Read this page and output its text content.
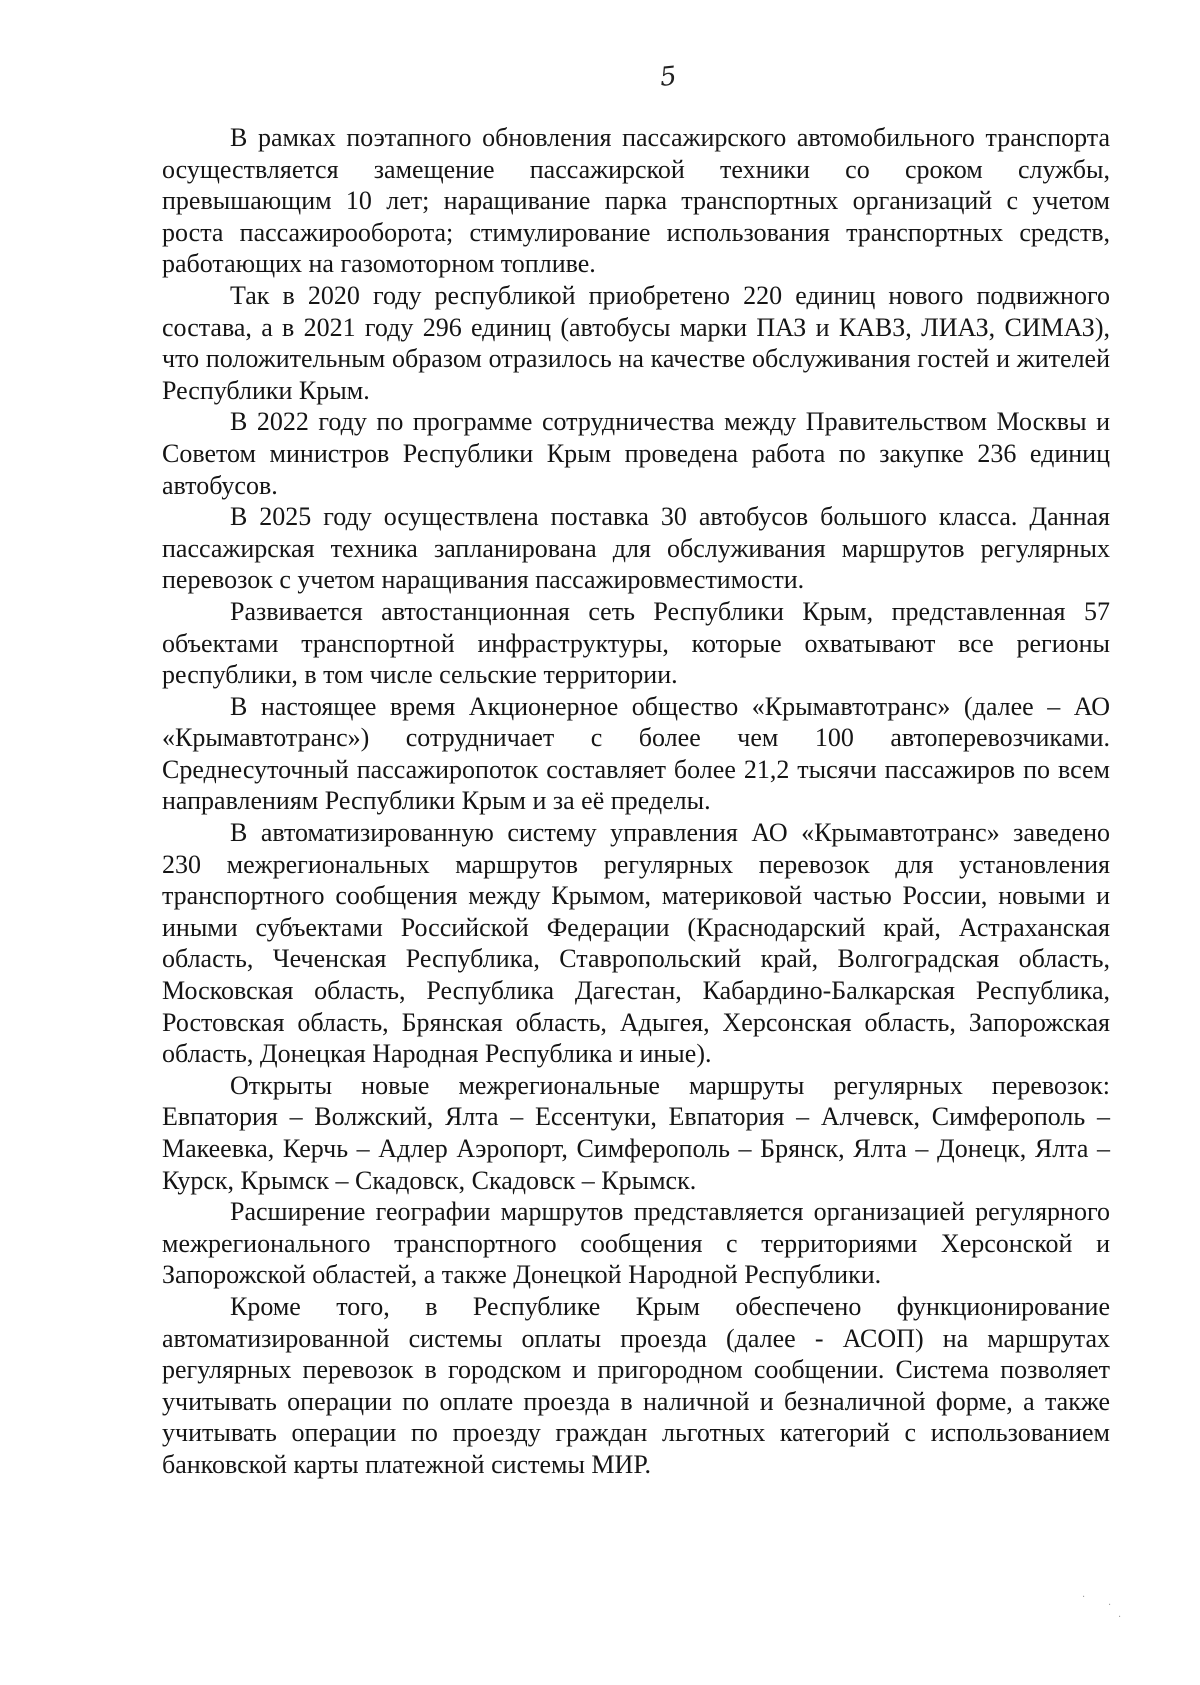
5

В рамках поэтапного обновления пассажирского автомобильного транспорта осуществляется замещение пассажирской техники со сроком службы, превышающим 10 лет; наращивание парка транспортных организаций с учетом роста пассажирооборота; стимулирование использования транспортных средств, работающих на газомоторном топливе.

Так в 2020 году республикой приобретено 220 единиц нового подвижного состава, а в 2021 году 296 единиц (автобусы марки ПАЗ и КАВЗ, ЛИАЗ, СИМАЗ), что положительным образом отразилось на качестве обслуживания гостей и жителей Республики Крым.

В 2022 году по программе сотрудничества между Правительством Москвы и Советом министров Республики Крым проведена работа по закупке 236 единиц автобусов.

В 2025 году осуществлена поставка 30 автобусов большого класса. Данная пассажирская техника запланирована для обслуживания маршрутов регулярных перевозок с учетом наращивания пассажировместимости.

Развивается автостанционная сеть Республики Крым, представленная 57 объектами транспортной инфраструктуры, которые охватывают все регионы республики, в том числе сельские территории.

В настоящее время Акционерное общество «Крымавтотранс» (далее – АО «Крымавтотранс») сотрудничает с более чем 100 автоперевозчиками. Среднесуточный пассажиропоток составляет более 21,2 тысячи пассажиров по всем направлениям Республики Крым и за её пределы.

В автоматизированную систему управления АО «Крымавтотранс» заведено 230 межрегиональных маршрутов регулярных перевозок для установления транспортного сообщения между Крымом, материковой частью России, новыми и иными субъектами Российской Федерации (Краснодарский край, Астраханская область, Чеченская Республика, Ставропольский край, Волгоградская область, Московская область, Республика Дагестан, Кабардино-Балкарская Республика, Ростовская область, Брянская область, Адыгея, Херсонская область, Запорожская область, Донецкая Народная Республика и иные).

Открыты новые межрегиональные маршруты регулярных перевозок: Евпатория – Волжский, Ялта – Ессентуки, Евпатория – Алчевск, Симферополь – Макеевка, Керчь – Адлер Аэропорт, Симферополь – Брянск, Ялта – Донецк, Ялта – Курск, Крымск – Скадовск, Скадовск – Крымск.

Расширение географии маршрутов представляется организацией регулярного межрегионального транспортного сообщения с территориями Херсонской и Запорожской областей, а также Донецкой Народной Республики.

Кроме того, в Республике Крым обеспечено функционирование автоматизированной системы оплаты проезда (далее - АСОП) на маршрутах регулярных перевозок в городском и пригородном сообщении. Система позволяет учитывать операции по оплате проезда в наличной и безналичной форме, а также учитывать операции по проезду граждан льготных категорий с использованием банковской карты платежной системы МИР.

·
·
·
